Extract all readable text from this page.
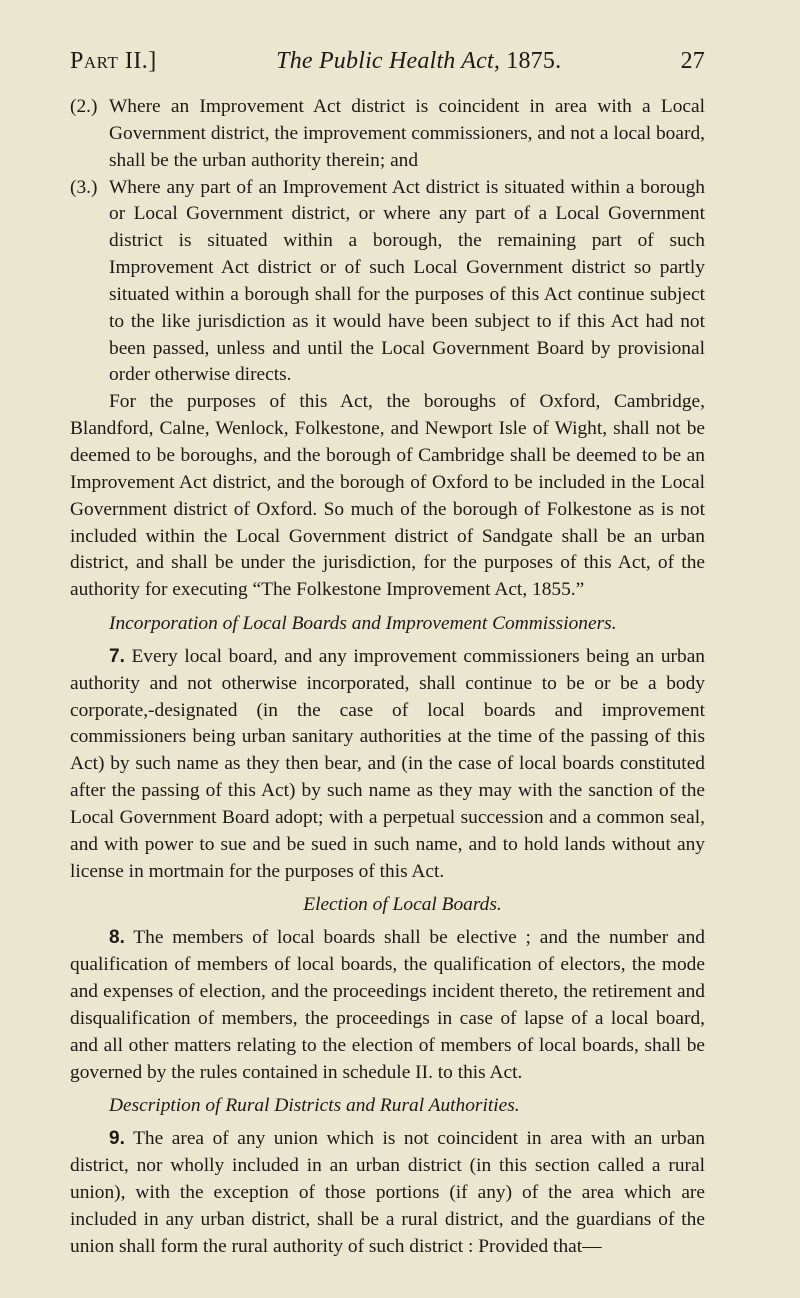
Part II.]	The Public Health Act, 1875.	27
(2.) Where an Improvement Act district is coincident in area with a Local Government district, the improvement commissioners, and not a local board, shall be the urban authority therein; and

(3.) Where any part of an Improvement Act district is situated within a borough or Local Government district, or where any part of a Local Government district is situated within a borough, the remaining part of such Improvement Act district or of such Local Government district so partly situated within a borough shall for the purposes of this Act continue subject to the like jurisdiction as it would have been subject to if this Act had not been passed, unless and until the Local Government Board by provisional order otherwise directs.

For the purposes of this Act, the boroughs of Oxford, Cambridge, Blandford, Calne, Wenlock, Folkestone, and Newport Isle of Wight, shall not be deemed to be boroughs, and the borough of Cambridge shall be deemed to be an Improvement Act district, and the borough of Oxford to be included in the Local Government district of Oxford. So much of the borough of Folkestone as is not included within the Local Government district of Sandgate shall be an urban district, and shall be under the jurisdiction, for the purposes of this Act, of the authority for executing “The Folkestone Improvement Act, 1855.”

Incorporation of Local Boards and Improvement Commissioners.

7. Every local board, and any improvement commissioners being an urban authority and not otherwise incorporated, shall continue to be or be a body corporate,-designated (in the case of local boards and improvement commissioners being urban sanitary authorities at the time of the passing of this Act) by such name as they then bear, and (in the case of local boards constituted after the passing of this Act) by such name as they may with the sanction of the Local Government Board adopt; with a perpetual succession and a common seal, and with power to sue and be sued in such name, and to hold lands without any license in mortmain for the purposes of this Act.

Election of Local Boards.

8. The members of local boards shall be elective ; and the number and qualification of members of local boards, the qualification of electors, the mode and expenses of election, and the proceedings incident thereto, the retirement and disqualification of members, the proceedings in case of lapse of a local board, and all other matters relating to the election of members of local boards, shall be governed by the rules contained in schedule II. to this Act.

Description of Rural Districts and Rural Authorities.

9. The area of any union which is not coincident in area with an urban district, nor wholly included in an urban district (in this section called a rural union), with the exception of those portions (if any) of the area which are included in any urban district, shall be a rural district, and the guardians of the union shall form the rural authority of such district : Provided that—
